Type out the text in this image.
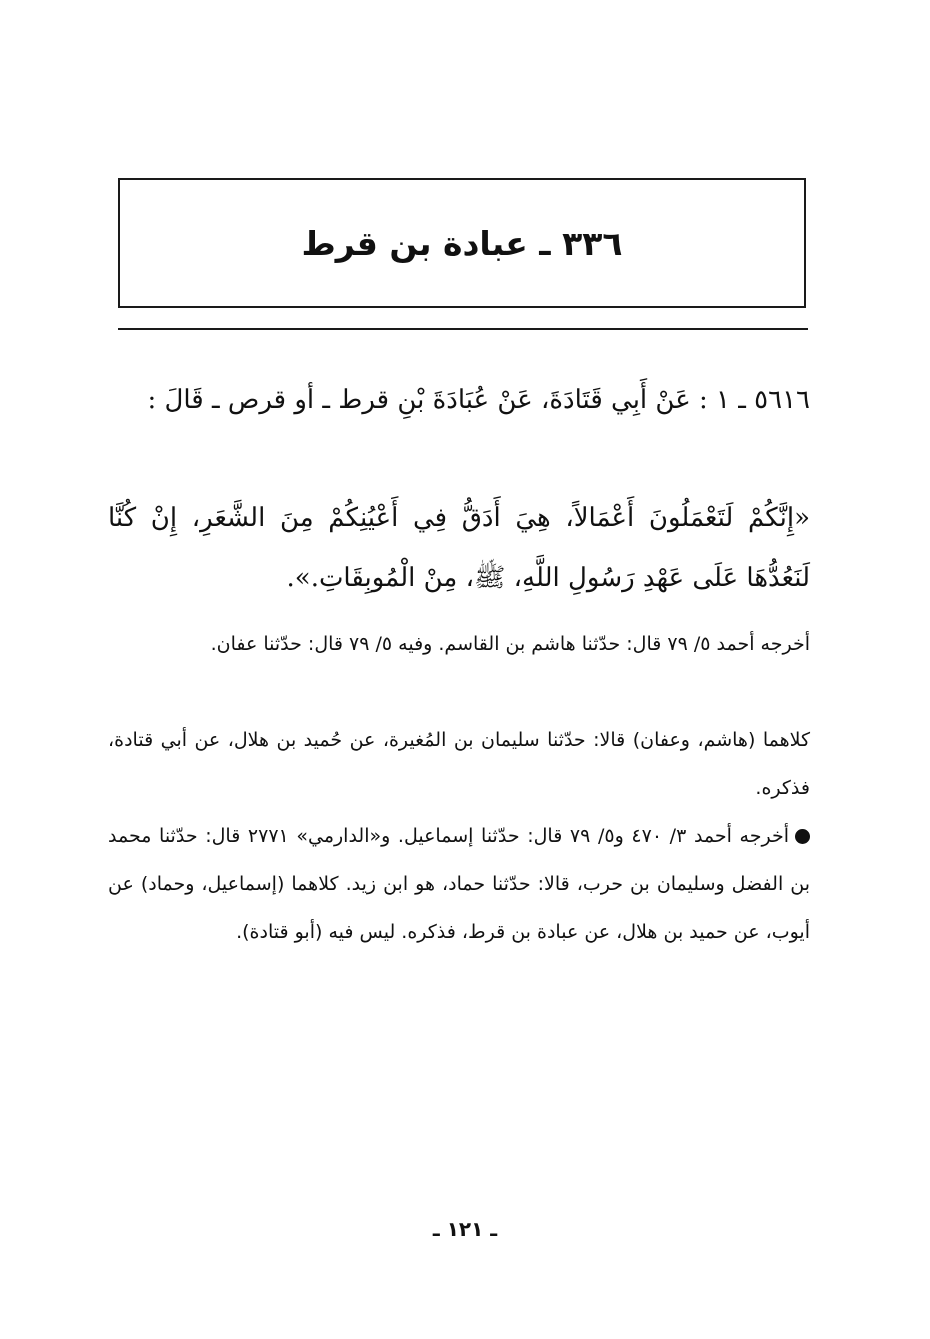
٣٣٦ ـ عبادة بن قرط

٥٦١٦ ـ ١ : عَنْ أَبِي قَتَادَةَ، عَنْ عُبَادَةَ بْنِ قرط ـ أو قرص ـ قَالَ :

«إِنَّكُمْ لَتَعْمَلُونَ أَعْمَالاً، هِيَ أَدَقُّ فِي أَعْيُنِكُمْ مِنَ الشَّعَرِ، إِنْ كُنَّا لَنَعُدُّهَا عَلَى عَهْدِ رَسُولِ اللَّهِ، ﷺ، مِنْ الْمُوبِقَاتِ.».

أخرجه أحمد ٥/ ٧٩ قال: حدّثنا هاشم بن القاسم. وفيه ٥/ ٧٩ قال: حدّثنا عفان.

كلاهما (هاشم، وعفان) قالا: حدّثنا سليمان بن المُغيرة، عن حُميد بن هلال، عن أبي قتادة، فذكره.

أخرجه أحمد ٣/ ٤٧٠ و٥/ ٧٩ قال: حدّثنا إسماعيل. و«الدارمي» ٢٧٧١ قال: حدّثنا محمد بن الفضل وسليمان بن حرب، قالا: حدّثنا حماد، هو ابن زيد. كلاهما (إسماعيل، وحماد) عن أيوب، عن حميد بن هلال، عن عبادة بن قرط، فذكره. ليس فيه (أبو قتادة).

ـ ١٢١ ـ
